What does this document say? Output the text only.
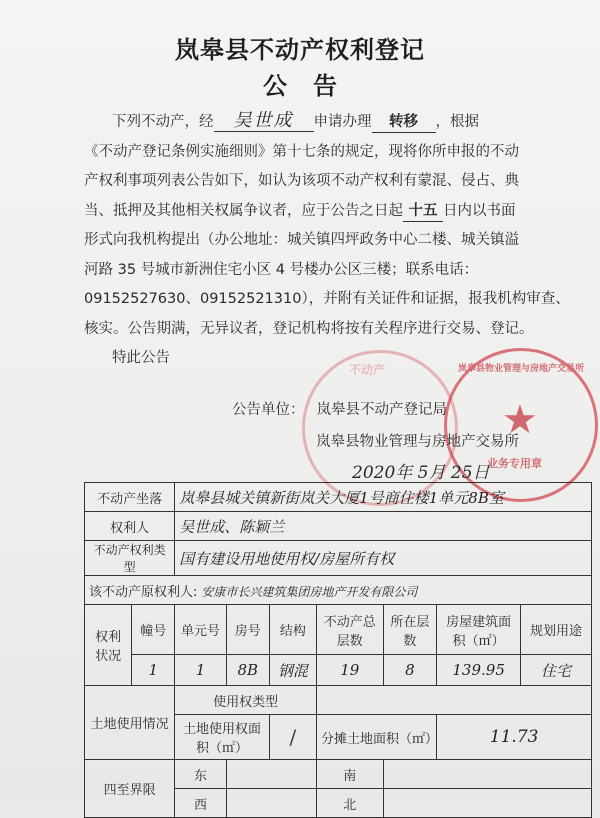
岚皋县不动产权利登记
公告
下列不动产，经 吴世成 申请办理 转移 ，根据
《不动产登记条例实施细则》第十七条的规定，现将你所申报的不动
产权利事项列表公告如下，如认为该项不动产权利有蒙混、侵占、典
当、抵押及其他相关权属争议者，应于公告之日起 十五 日内以书面
形式向我机构提出（办公地址：城关镇四坪政务中心二楼、城关镇溢
河路 35 号城市新洲住宅小区 4 号楼办公区三楼；联系电话：
09152527630、09152521310），并附有关证件和证据，报我机构审查、
核实。公告期满，无异议者，登记机构将按有关程序进行交易、登记。
特此公告
不动产	岚皋县物业管理与房地产交易所
★
业务专用章
公告单位： 岚皋县不动产登记局
岚皋县物业管理与房地产交易所
2020年 5月 25日
不动产坐落		岚皋县城关镇新街岚关大厦1号商住楼1单元8B室						
权利人		吴世成、陈颖兰						
不动产权利类型		国有建设用地使用权/房屋所有权						
该不动产原权利人: 安康市长兴建筑集团房地产开发有限公司								
权利状况	幢号	单元号	房号	结构	不动产总层数	所在层数	房屋建筑面积（㎡）	规划用途
	1	1	8B	钢混	19	8	139.95	住宅
土地使用情况		使用权类型						
		土地使用权面积（㎡）		/	分摊土地面积（㎡）		11.73	
四至界限		东			南			
		西			北			
